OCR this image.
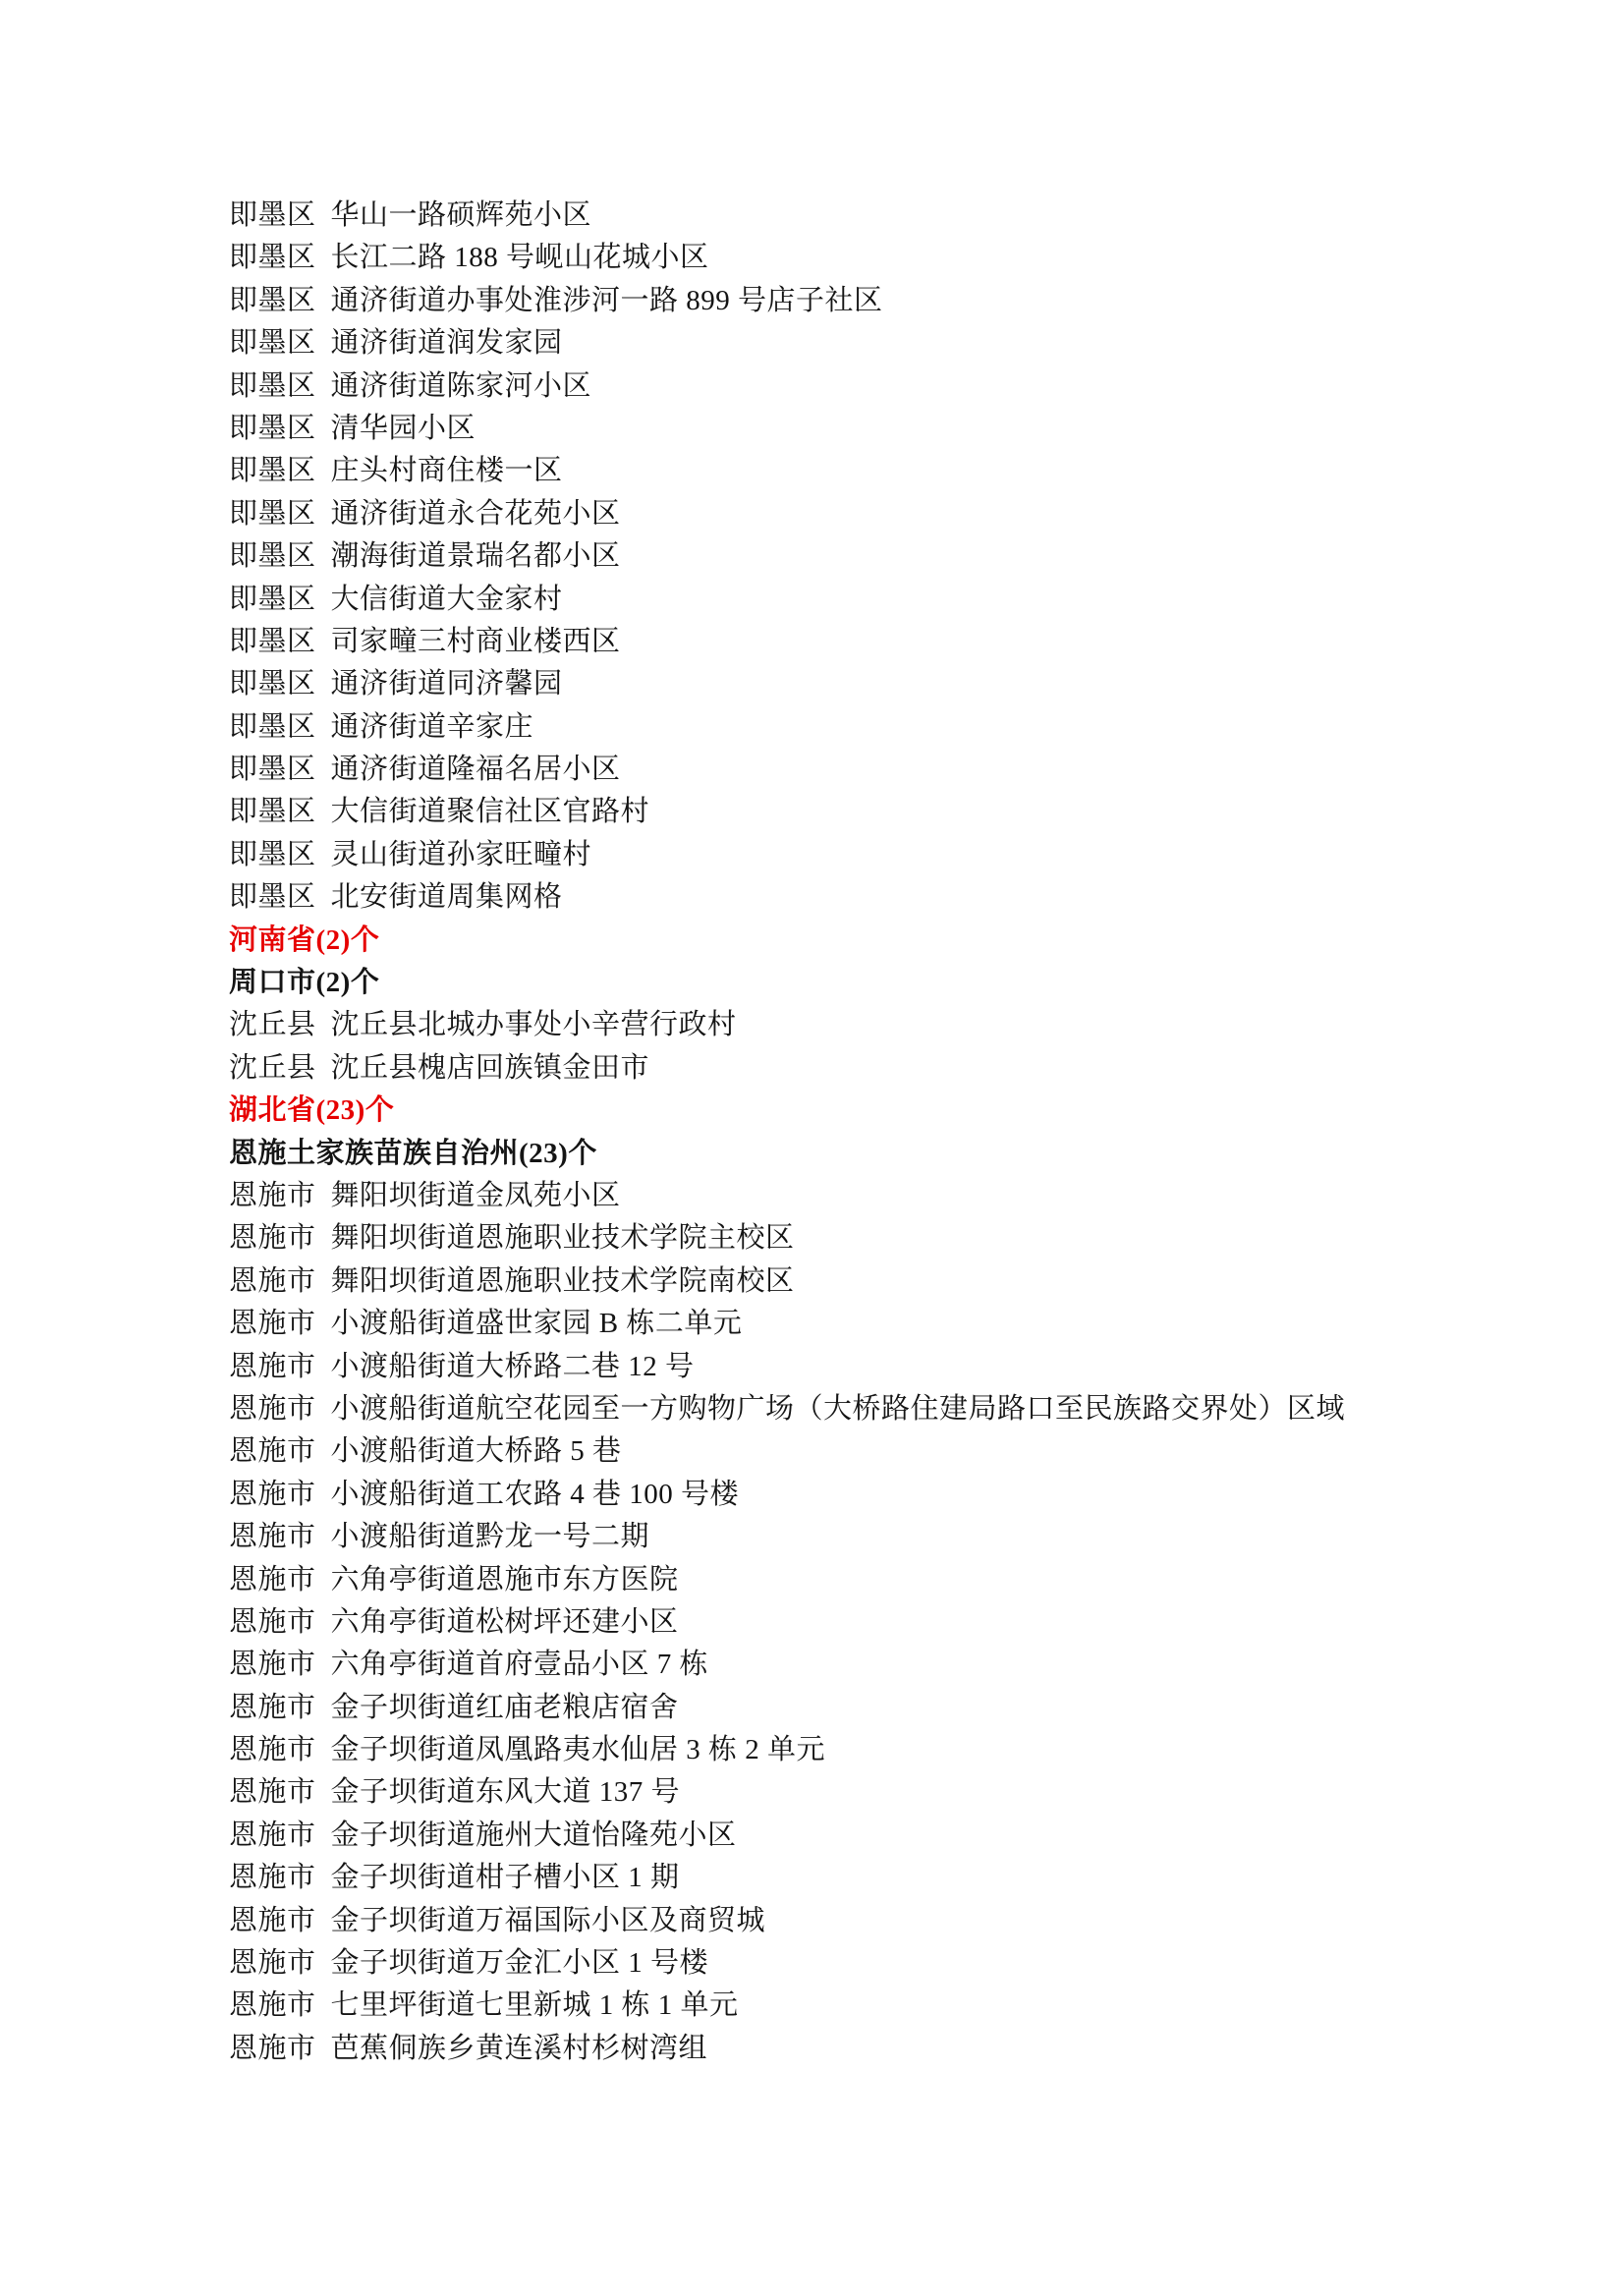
即墨区 华山一路硕辉苑小区
即墨区 长江二路 188 号岘山花城小区
即墨区 通济街道办事处淮涉河一路 899 号店子社区
即墨区 通济街道润发家园
即墨区 通济街道陈家河小区
即墨区 清华园小区
即墨区 庄头村商住楼一区
即墨区 通济街道永合花苑小区
即墨区 潮海街道景瑞名都小区
即墨区 大信街道大金家村
即墨区 司家疃三村商业楼西区
即墨区 通济街道同济馨园
即墨区 通济街道辛家庄
即墨区 通济街道隆福名居小区
即墨区 大信街道聚信社区官路村
即墨区 灵山街道孙家旺疃村
即墨区 北安街道周集网格
河南省(2)个
周口市(2)个
沈丘县 沈丘县北城办事处小辛营行政村
沈丘县 沈丘县槐店回族镇金田市
湖北省(23)个
恩施土家族苗族自治州(23)个
恩施市 舞阳坝街道金凤苑小区
恩施市 舞阳坝街道恩施职业技术学院主校区
恩施市 舞阳坝街道恩施职业技术学院南校区
恩施市 小渡船街道盛世家园 B 栋二单元
恩施市 小渡船街道大桥路二巷 12 号
恩施市 小渡船街道航空花园至一方购物广场（大桥路住建局路口至民族路交界处）区域
恩施市 小渡船街道大桥路 5 巷
恩施市 小渡船街道工农路 4 巷 100 号楼
恩施市 小渡船街道黔龙一号二期
恩施市 六角亭街道恩施市东方医院
恩施市 六角亭街道松树坪还建小区
恩施市 六角亭街道首府壹品小区 7 栋
恩施市 金子坝街道红庙老粮店宿舍
恩施市 金子坝街道凤凰路夷水仙居 3 栋 2 单元
恩施市 金子坝街道东风大道 137 号
恩施市 金子坝街道施州大道怡隆苑小区
恩施市 金子坝街道柑子槽小区 1 期
恩施市 金子坝街道万福国际小区及商贸城
恩施市 金子坝街道万金汇小区 1 号楼
恩施市 七里坪街道七里新城 1 栋 1 单元
恩施市 芭蕉侗族乡黄连溪村杉树湾组
